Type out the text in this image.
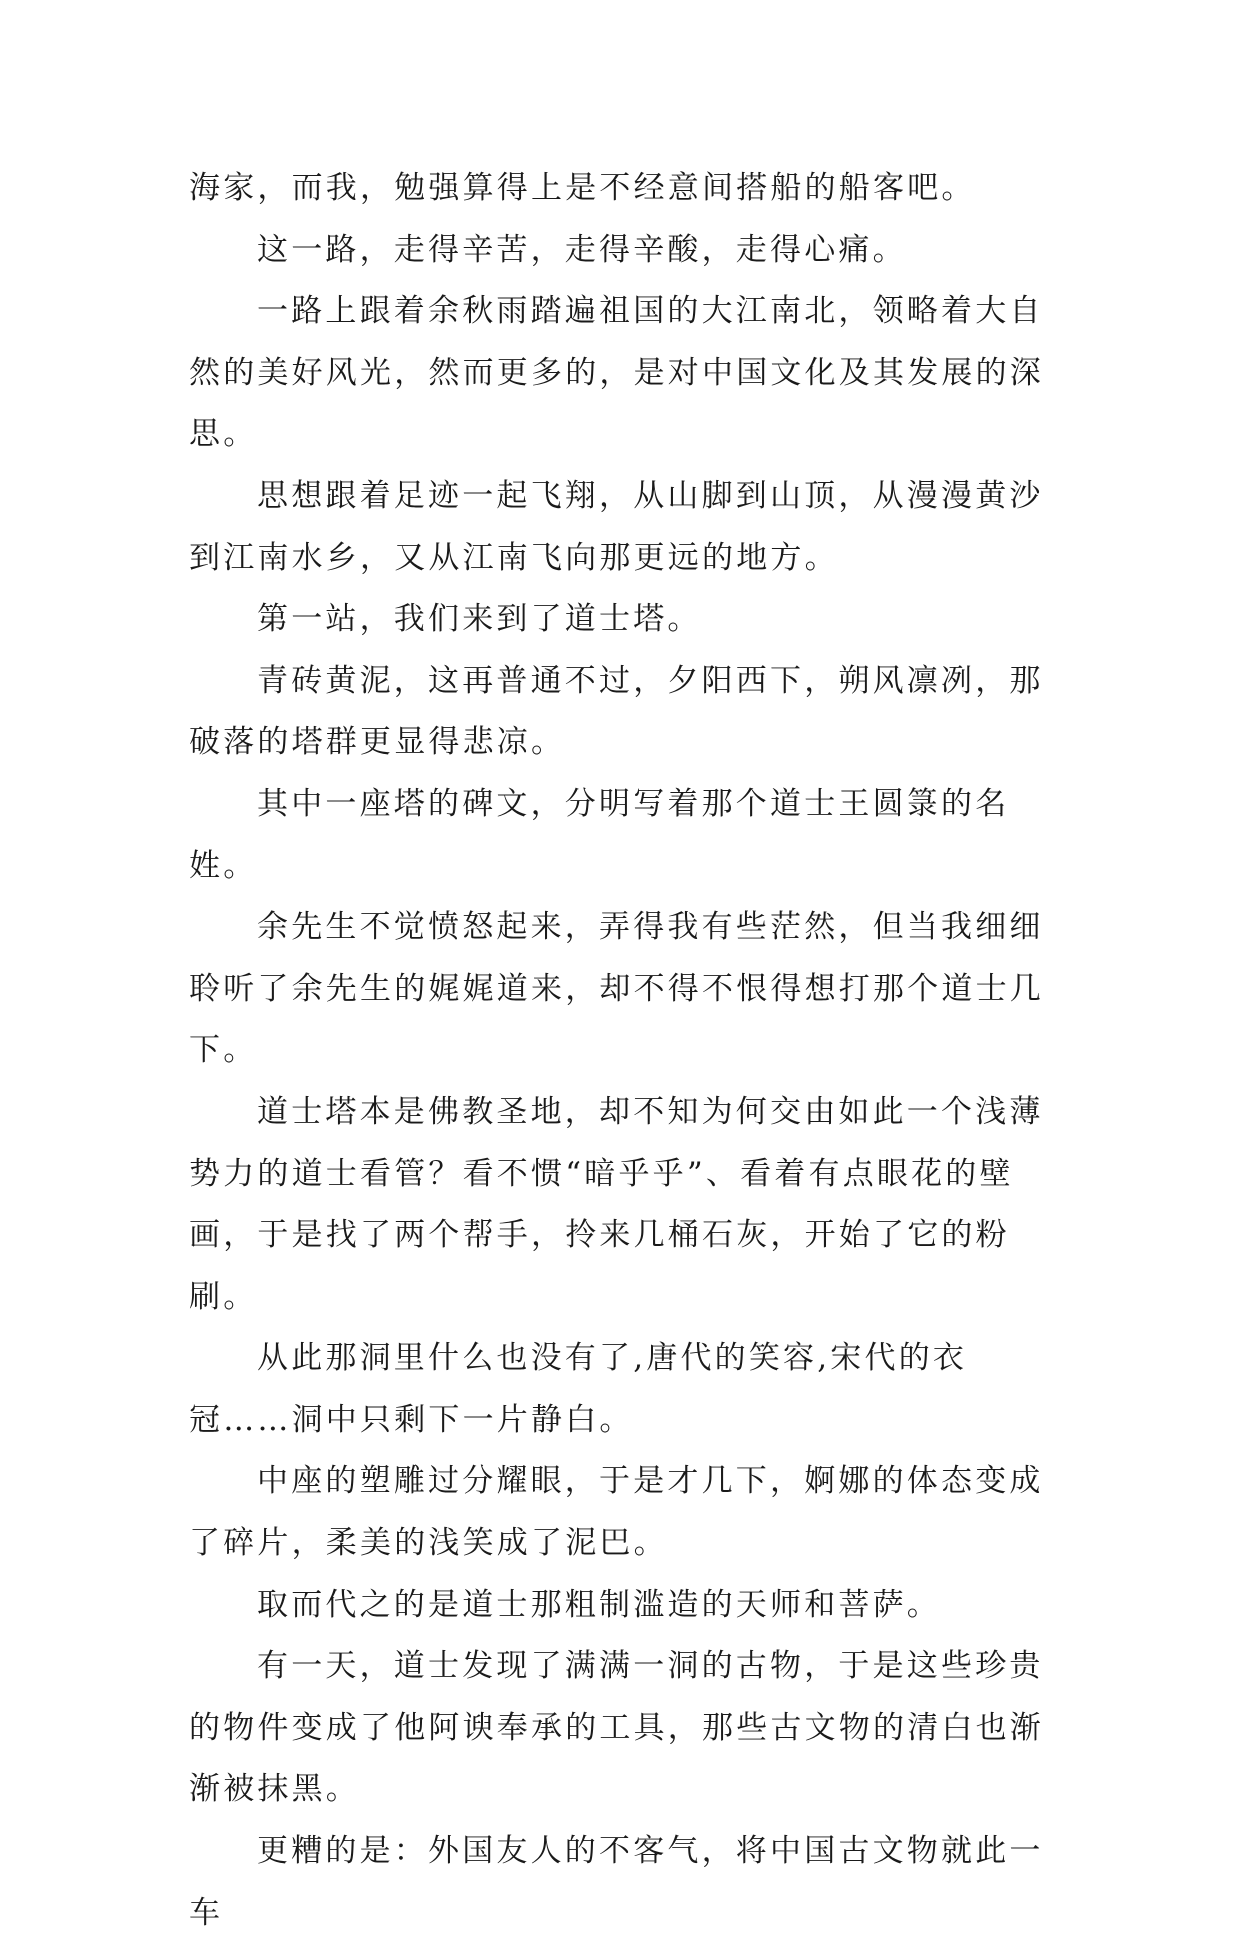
海家，而我，勉强算得上是不经意间搭船的船客吧。

这一路，走得辛苦，走得辛酸，走得心痛。

一路上跟着余秋雨踏遍祖国的大江南北，领略着大自然的美好风光，然而更多的，是对中国文化及其发展的深思。

思想跟着足迹一起飞翔，从山脚到山顶，从漫漫黄沙到江南水乡，又从江南飞向那更远的地方。

第一站，我们来到了道士塔。

青砖黄泥，这再普通不过，夕阳西下，朔风凛冽，那破落的塔群更显得悲凉。

其中一座塔的碑文，分明写着那个道士王圆箓的名姓。

余先生不觉愤怒起来，弄得我有些茫然，但当我细细聆听了余先生的娓娓道来，却不得不恨得想打那个道士几下。

道士塔本是佛教圣地，却不知为何交由如此一个浅薄势力的道士看管？看不惯“暗乎乎”、看着有点眼花的壁画，于是找了两个帮手，拎来几桶石灰，开始了它的粉刷。

从此那洞里什么也没有了,唐代的笑容,宋代的衣冠……洞中只剩下一片静白。

中座的塑雕过分耀眼，于是才几下，婀娜的体态变成了碎片，柔美的浅笑成了泥巴。

取而代之的是道士那粗制滥造的天师和菩萨。

有一天，道士发现了满满一洞的古物，于是这些珍贵的物件变成了他阿谀奉承的工具，那些古文物的清白也渐渐被抹黑。

更糟的是：外国友人的不客气，将中国古文物就此一车
